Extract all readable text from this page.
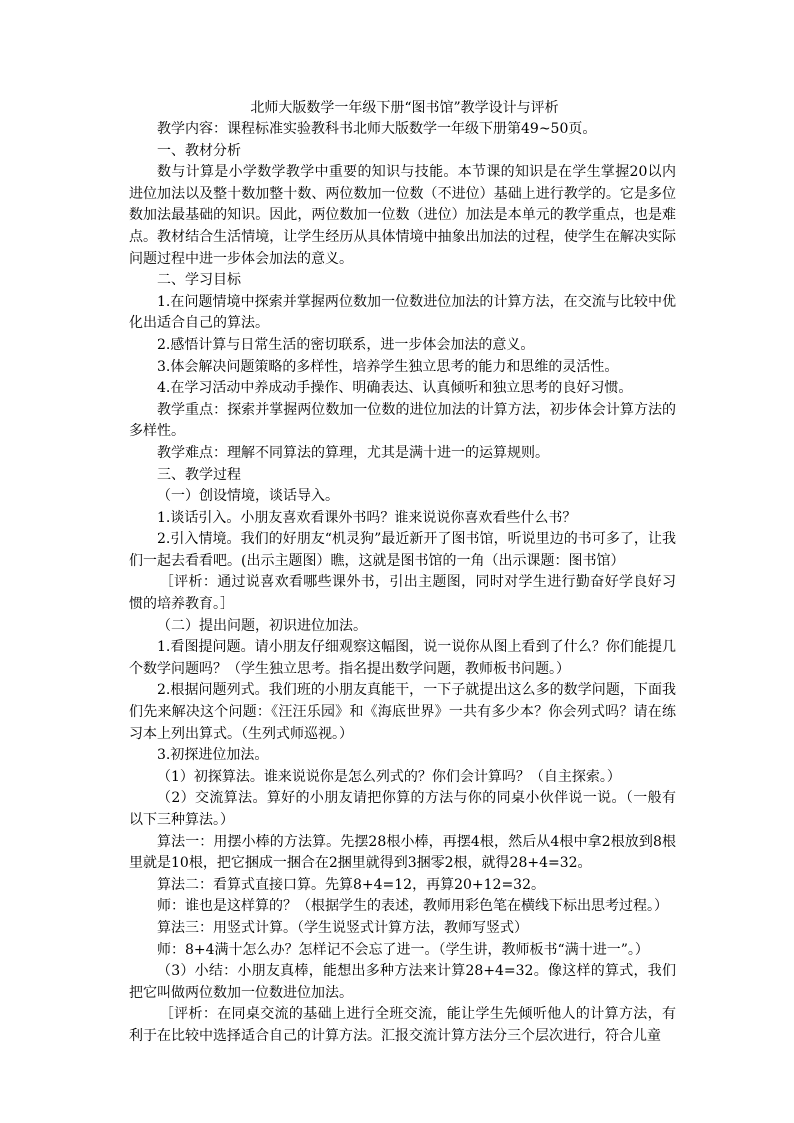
北师大版数学一年级下册“图书馆”教学设计与评析

教学内容：课程标准实验教科书北师大版数学一年级下册第49~50页。

一、教材分析

数与计算是小学数学教学中重要的知识与技能。本节课的知识是在学生掌握20以内进位加法以及整十数加整十数、两位数加一位数（不进位）基础上进行教学的。它是多位数加法最基础的知识。因此，两位数加一位数（进位）加法是本单元的教学重点，也是难点。教材结合生活情境，让学生经历从具体情境中抽象出加法的过程，使学生在解决实际问题过程中进一步体会加法的意义。

二、学习目标

1.在问题情境中探索并掌握两位数加一位数进位加法的计算方法，在交流与比较中优化出适合自己的算法。

2.感悟计算与日常生活的密切联系，进一步体会加法的意义。

3.体会解决问题策略的多样性，培养学生独立思考的能力和思维的灵活性。

4.在学习活动中养成动手操作、明确表达、认真倾听和独立思考的良好习惯。

教学重点：探索并掌握两位数加一位数的进位加法的计算方法，初步体会计算方法的多样性。

教学难点：理解不同算法的算理，尤其是满十进一的运算规则。

三、教学过程

（一）创设情境，谈话导入。

1.谈话引入。小朋友喜欢看课外书吗？谁来说说你喜欢看些什么书？

2.引入情境。我们的好朋友“机灵狗”最近新开了图书馆，听说里边的书可多了，让我们一起去看看吧。(出示主题图）瞧，这就是图书馆的一角（出示课题：图书馆）

［评析：通过说喜欢看哪些课外书，引出主题图，同时对学生进行勤奋好学良好习惯的培养教育。］

（二）提出问题，初识进位加法。

1.看图提问题。请小朋友仔细观察这幅图，说一说你从图上看到了什么？你们能提几个数学问题吗？（学生独立思考。指名提出数学问题，教师板书问题。）

2.根据问题列式。我们班的小朋友真能干，一下子就提出这么多的数学问题，下面我们先来解决这个问题：《汪汪乐园》和《海底世界》一共有多少本？你会列式吗？请在练习本上列出算式。（生列式师巡视。）

3.初探进位加法。

（1）初探算法。谁来说说你是怎么列式的？你们会计算吗？（自主探索。）

（2）交流算法。算好的小朋友请把你算的方法与你的同桌小伙伴说一说。（一般有以下三种算法。）

算法一：用摆小棒的方法算。先摆28根小棒，再摆4根，然后从4根中拿2根放到8根里就是10根，把它捆成一捆合在2捆里就得到3捆零2根，就得28+4=32。

算法二：看算式直接口算。先算8+4=12，再算20+12=32。

师：谁也是这样算的？（根据学生的表述，教师用彩色笔在横线下标出思考过程。）

算法三：用竖式计算。（学生说竖式计算方法，教师写竖式）

师：8+4满十怎么办？怎样记不会忘了进一。（学生讲，教师板书“满十进一”。）

（3）小结：小朋友真棒，能想出多种方法来计算28+4=32。像这样的算式，我们把它叫做两位数加一位数进位加法。

［评析：在同桌交流的基础上进行全班交流，能让学生先倾听他人的计算方法，有利于在比较中选择适合自己的计算方法。汇报交流计算方法分三个层次进行，符合儿童
